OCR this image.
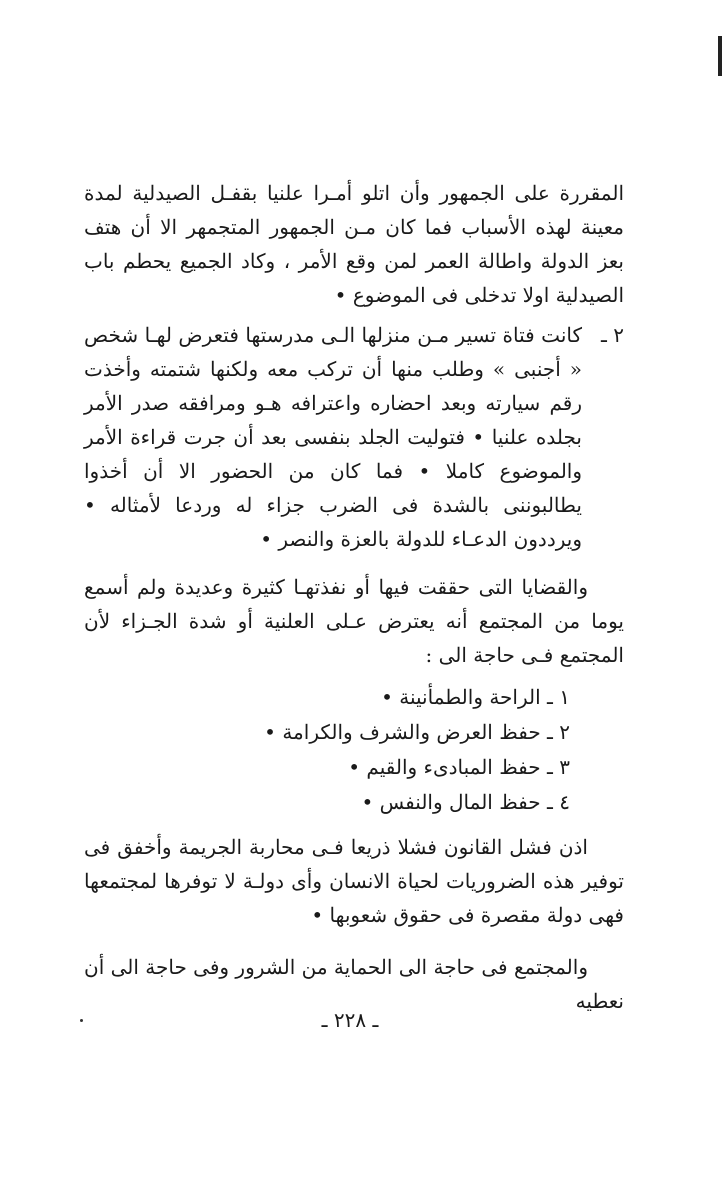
المقررة على الجمهور وأن اتلو أمـرا علنيا بقفـل الصيدلية لمدة معينة لهذه الأسباب فما كان مـن الجمهور المتجمهر الا أن هتف بعز الدولة واطالة العمر لمن وقع الأمر ، وكاد الجميع يحطم باب الصيدلية اولا تدخلى فى الموضوع •
٢ ـ
كانت فتاة تسير مـن منزلها الـى مدرستها فتعرض لهـا شخص « أجنبى » وطلب منها أن تركب معه ولكنها شتمته وأخذت رقم سيارته وبعد احضاره واعترافه هـو ومرافقه صدر الأمر بجلده علنيا • فتوليت الجلد بنفسى بعد أن جرت قراءة الأمر والموضوع كاملا • فما كان من الحضور الا أن أخذوا يطالبوننى بالشدة فى الضرب جزاء له وردعا لأمثاله • ويرددون الدعـاء للدولة بالعزة والنصر •
والقضايا التى حققت فيها أو نفذتهـا كثيرة وعديدة ولم أسمع يوما من المجتمع أنه يعترض عـلى العلنية أو شدة الجـزاء لأن المجتمع فـى حاجة الى :
١ ـ الراحة والطمأنينة •
٢ ـ حفظ العرض والشرف والكرامة •
٣ ـ حفظ المبادىء والقيم •
٤ ـ حفظ المال والنفس •
اذن فشل القانون فشلا ذريعا فـى محاربة الجريمة وأخفق فى توفير هذه الضروريات لحياة الانسان وأى دولـة لا توفرها لمجتمعها فهى دولة مقصرة فى حقوق شعوبها •
والمجتمع فى حاجة الى الحماية من الشرور وفى حاجة الى أن نعطيه
ـ ٢٢٨ ـ
